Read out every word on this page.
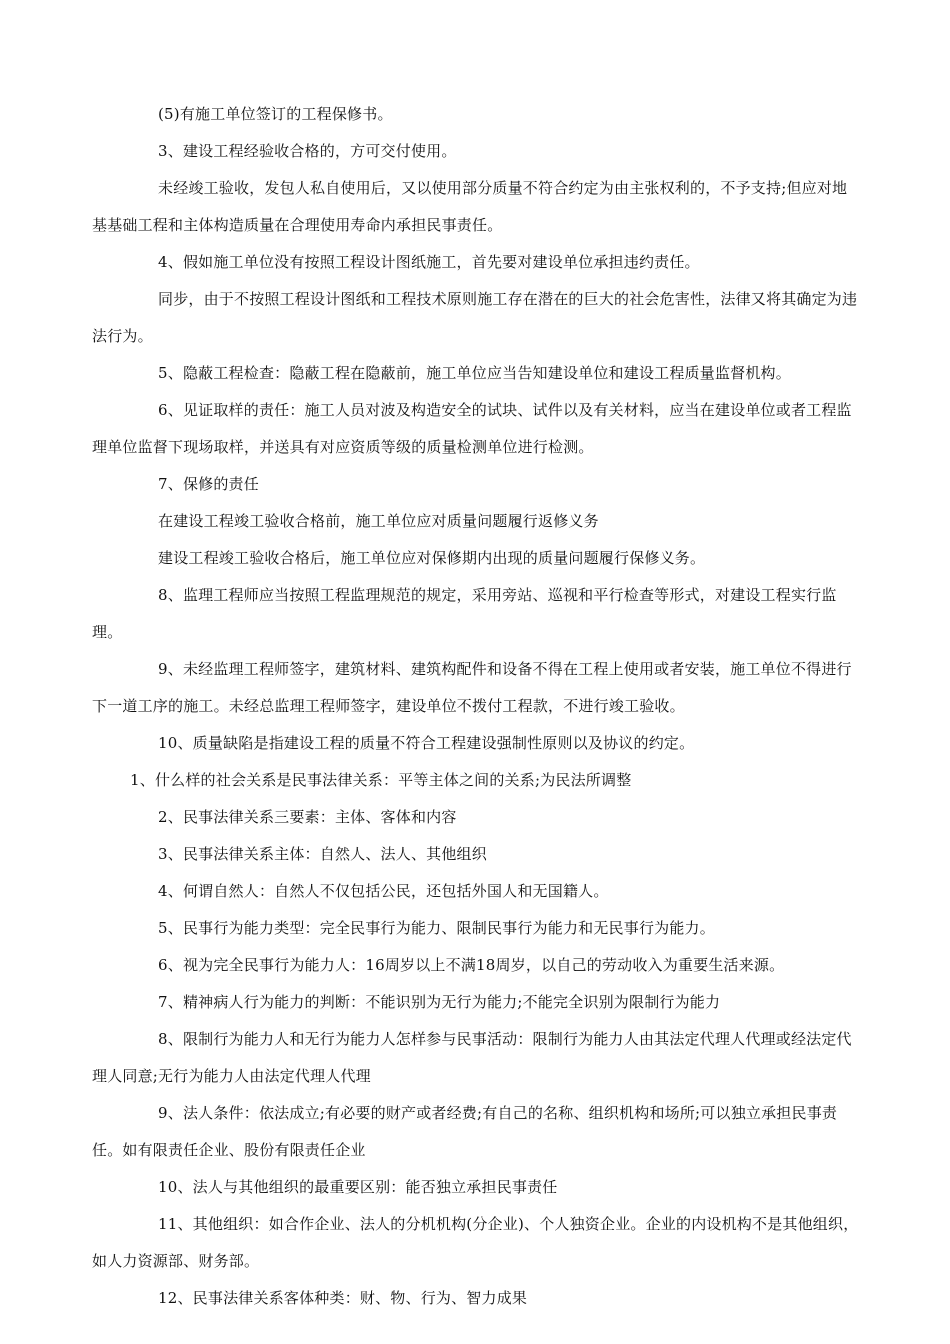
(5)有施工单位签订的工程保修书。

3、建设工程经验收合格的，方可交付使用。

未经竣工验收，发包人私自使用后，又以使用部分质量不符合约定为由主张权利的，不予支持;但应对地基基础工程和主体构造质量在合理使用寿命内承担民事责任。

4、假如施工单位没有按照工程设计图纸施工，首先要对建设单位承担违约责任。

同步，由于不按照工程设计图纸和工程技术原则施工存在潜在的巨大的社会危害性，法律又将其确定为违法行为。

5、隐蔽工程检查：隐蔽工程在隐蔽前，施工单位应当告知建设单位和建设工程质量监督机构。

6、见证取样的责任：施工人员对波及构造安全的试块、试件以及有关材料，应当在建设单位或者工程监理单位监督下现场取样，并送具有对应资质等级的质量检测单位进行检测。

7、保修的责任

在建设工程竣工验收合格前，施工单位应对质量问题履行返修义务

建设工程竣工验收合格后，施工单位应对保修期内出现的质量问题履行保修义务。

8、监理工程师应当按照工程监理规范的规定，采用旁站、巡视和平行检查等形式，对建设工程实行监理。

9、未经监理工程师签字，建筑材料、建筑构配件和设备不得在工程上使用或者安装，施工单位不得进行下一道工序的施工。未经总监理工程师签字，建设单位不拨付工程款，不进行竣工验收。

10、质量缺陷是指建设工程的质量不符合工程建设强制性原则以及协议的约定。

1、什么样的社会关系是民事法律关系：平等主体之间的关系;为民法所调整

2、民事法律关系三要素：主体、客体和内容

3、民事法律关系主体：自然人、法人、其他组织

4、何谓自然人：自然人不仅包括公民，还包括外国人和无国籍人。

5、民事行为能力类型：完全民事行为能力、限制民事行为能力和无民事行为能力。

6、视为完全民事行为能力人：16周岁以上不满18周岁，以自己的劳动收入为重要生活来源。

7、精神病人行为能力的判断：不能识别为无行为能力;不能完全识别为限制行为能力

8、限制行为能力人和无行为能力人怎样参与民事活动：限制行为能力人由其法定代理人代理或经法定代理人同意;无行为能力人由法定代理人代理

9、法人条件：依法成立;有必要的财产或者经费;有自己的名称、组织机构和场所;可以独立承担民事责任。如有限责任企业、股份有限责任企业

10、法人与其他组织的最重要区别：能否独立承担民事责任

11、其他组织：如合作企业、法人的分机机构(分企业)、个人独资企业。企业的内设机构不是其他组织，如人力资源部、财务部。

12、民事法律关系客体种类：财、物、行为、智力成果
